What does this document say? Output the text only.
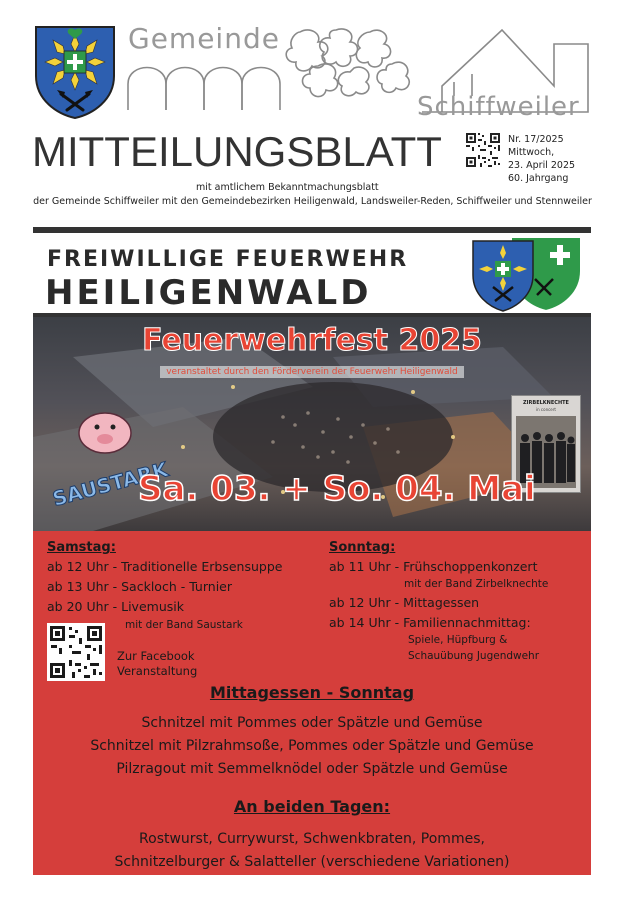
Gemeinde
Schiffweiler
MITTEILUNGSBLATT	Nr. 17/2025
Mittwoch,
23. April 2025
60. Jahrgang
mit amtlichem Bekanntmachungsblatt
der Gemeinde Schiffweiler mit den Gemeindebezirken Heiligenwald, Landsweiler-Reden, Schiffweiler und Stennweiler
FREIWILLIGE FEUERWEHR
HEILIGENWALD
Feuerwehrfest 2025
veranstaltet durch den Förderverein der Feuerwehr Heiligenwald
SAUSTARK
ZIRBELKNECHTE
in concert
Sa. 03. + So. 04. Mai
Samstag:
ab 12 Uhr - Traditionelle Erbsensuppe
ab 13 Uhr - Sackloch - Turnier
ab 20 Uhr - Livemusik
mit der Band Saustark
Zur Facebook
Veranstaltung
Sonntag:
ab 11 Uhr - Frühschoppenkonzert
mit der Band Zirbelknechte
ab 12 Uhr - Mittagessen
ab 14 Uhr - Familiennachmittag:
Spiele, Hüpfburg &
Schauübung Jugendwehr
Mittagessen - Sonntag
Schnitzel mit Pommes oder Spätzle und Gemüse
Schnitzel mit Pilzrahmsoße, Pommes oder Spätzle und Gemüse
Pilzragout mit Semmelknödel oder Spätzle und Gemüse
An beiden Tagen:
Rostwurst, Currywurst, Schwenkbraten, Pommes,
Schnitzelburger & Salatteller (verschiedene Variationen)
